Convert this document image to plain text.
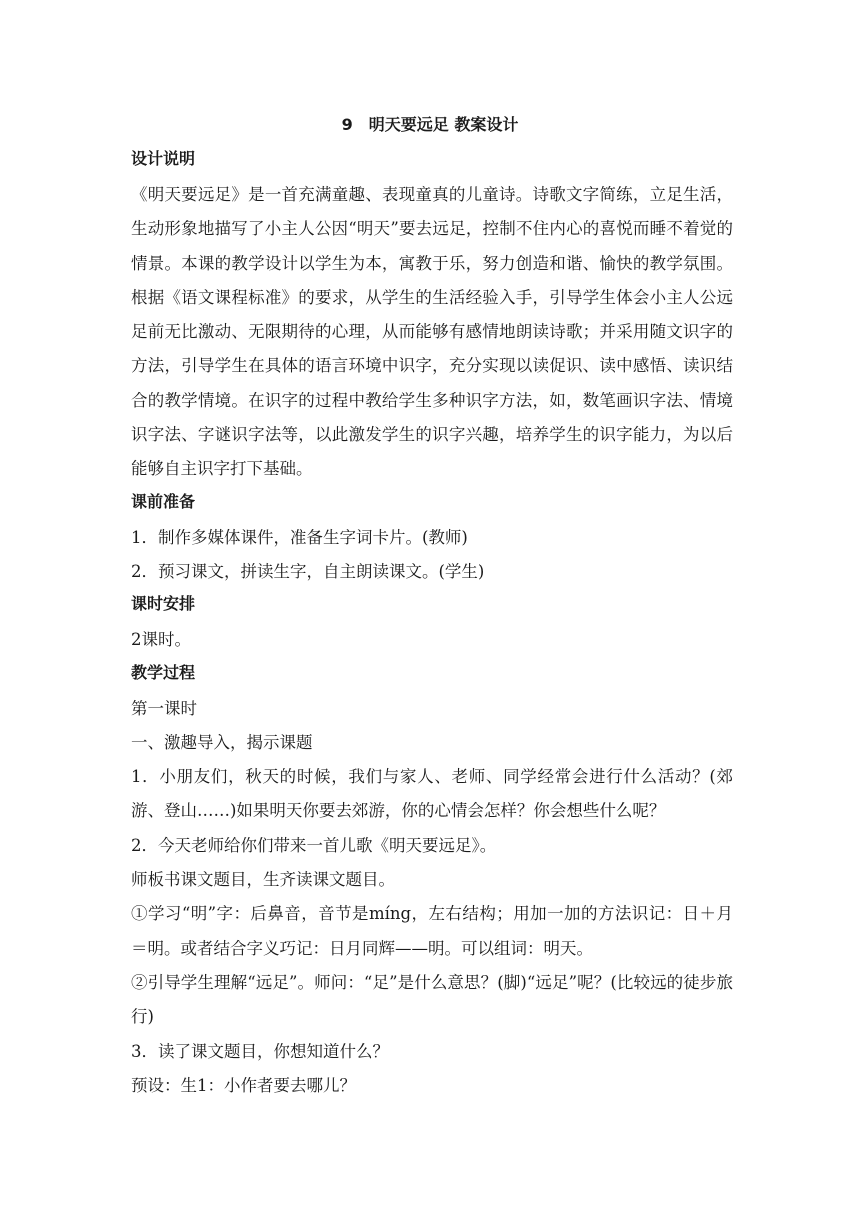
9　明天要远足 教案设计
设计说明
《明天要远足》是一首充满童趣、表现童真的儿童诗。诗歌文字简练，立足生活，生动形象地描写了小主人公因“明天”要去远足，控制不住内心的喜悦而睡不着觉的情景。本课的教学设计以学生为本，寓教于乐，努力创造和谐、愉快的教学氛围。根据《语文课程标准》的要求，从学生的生活经验入手，引导学生体会小主人公远足前无比激动、无限期待的心理，从而能够有感情地朗读诗歌；并采用随文识字的方法，引导学生在具体的语言环境中识字，充分实现以读促识、读中感悟、读识结合的教学情境。在识字的过程中教给学生多种识字方法，如，数笔画识字法、情境识字法、字谜识字法等，以此激发学生的识字兴趣，培养学生的识字能力，为以后能够自主识字打下基础。
课前准备
1．制作多媒体课件，准备生字词卡片。(教师)
2．预习课文，拼读生字，自主朗读课文。(学生)
课时安排
2课时。
教学过程
第一课时
一、激趣导入，揭示课题
1．小朋友们，秋天的时候，我们与家人、老师、同学经常会进行什么活动？(郊游、登山……)如果明天你要去郊游，你的心情会怎样？你会想些什么呢？
2．今天老师给你们带来一首儿歌《明天要远足》。
师板书课文题目，生齐读课文题目。
①学习“明”字：后鼻音，音节是míng，左右结构；用加一加的方法识记：日＋月＝明。或者结合字义巧记：日月同辉——明。可以组词：明天。
②引导学生理解“远足”。师问：“足”是什么意思？(脚)“远足”呢？(比较远的徒步旅行)
3．读了课文题目，你想知道什么？
预设：生1：小作者要去哪儿？
